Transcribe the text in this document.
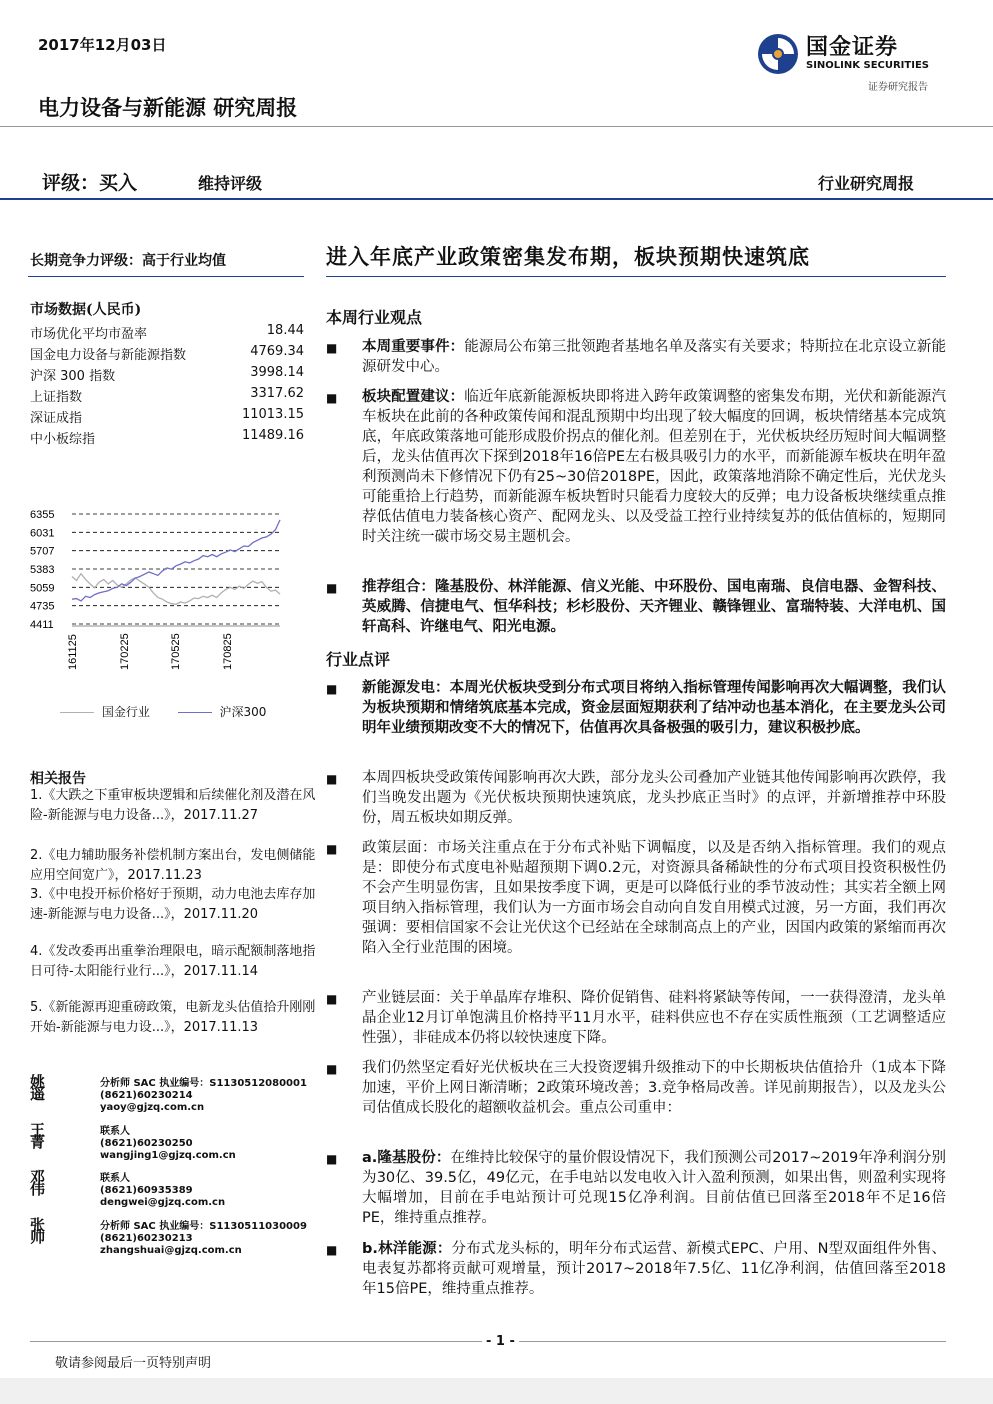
2017年12月03日	国金证券
SINOLINK SECURITIES
证券研究报告
电力设备与新能源 研究周报
评级：买入	维持评级	行业研究周报
长期竞争力评级：高于行业均值
市场数据(人民币)
市场优化平均市盈率	18.44
国金电力设备与新能源指数	4769.34
沪深 300 指数	3998.14
上证指数	3317.62
深证成指	11013.15
中小板综指	11489.16
6355
6031
5707
5383
5059
4735
4411
161125	170225	170525	170825
国金行业	沪深300
相关报告
1.《大跌之下重审板块逻辑和后续催化剂及潜在风险-新能源与电力设备...》，2017.11.27
2.《电力辅助服务补偿机制方案出台，发电侧储能应用空间宽广》，2017.11.23
3.《中电投开标价格好于预期，动力电池去库存加速-新能源与电力设备...》，2017.11.20
4.《发改委再出重拳治理限电，暗示配额制落地指日可待-太阳能行业行...》，2017.11.14
5.《新能源再迎重磅政策，电新龙头估值拾升刚刚开始-新能源与电力设...》，2017.11.13
姚遥
分析师 SAC 执业编号：S1130512080001
(8621)60230214
yaoy@gjzq.com.cn
王菁
联系人
(8621)60230250
wangjing1@gjzq.com.cn
邓伟
联系人
(8621)60935389
dengwei@gjzq.com.cn
张帅
分析师 SAC 执业编号：S1130511030009
(8621)60230213
zhangshuai@gjzq.com.cn
进入年底产业政策密集发布期，板块预期快速筑底
本周行业观点
■ 本周重要事件：能源局公布第三批领跑者基地名单及落实有关要求；特斯拉在北京设立新能源研发中心。
■ 板块配置建议：临近年底新能源板块即将进入跨年政策调整的密集发布期，光伏和新能源汽车板块在此前的各种政策传闻和混乱预期中均出现了较大幅度的回调，板块情绪基本完成筑底，年底政策落地可能形成股价拐点的催化剂。但差别在于，光伏板块经历短时间大幅调整后，龙头估值再次下探到2018年16倍PE左右极具吸引力的水平，而新能源车板块在明年盈利预测尚未下修情况下仍有25~30倍2018PE，因此，政策落地消除不确定性后，光伏龙头可能重拾上行趋势，而新能源车板块暂时只能看力度较大的反弹；电力设备板块继续重点推荐低估值电力装备核心资产、配网龙头、以及受益工控行业持续复苏的低估值标的，短期同时关注统一碳市场交易主题机会。
■ 推荐组合：隆基股份、林洋能源、信义光能、中环股份、国电南瑞、良信电器、金智科技、英威腾、信捷电气、恒华科技；杉杉股份、天齐锂业、赣锋锂业、富瑞特装、大洋电机、国轩高科、许继电气、阳光电源。
行业点评
■ 新能源发电：本周光伏板块受到分布式项目将纳入指标管理传闻影响再次大幅调整，我们认为板块预期和情绪筑底基本完成，资金层面短期获利了结冲动也基本消化，在主要龙头公司明年业绩预期改变不大的情况下，估值再次具备极强的吸引力，建议积极抄底。
■ 本周四板块受政策传闻影响再次大跌，部分龙头公司叠加产业链其他传闻影响再次跌停，我们当晚发出题为《光伏板块预期快速筑底，龙头抄底正当时》的点评，并新增推荐中环股份，周五板块如期反弹。
■ 政策层面：市场关注重点在于分布式补贴下调幅度，以及是否纳入指标管理。我们的观点是：即使分布式度电补贴超预期下调0.2元，对资源具备稀缺性的分布式项目投资积极性仍不会产生明显伤害，且如果按季度下调，更是可以降低行业的季节波动性；其实若全额上网项目纳入指标管理，我们认为一方面市场会自动向自发自用模式过渡，另一方面，我们再次强调：要相信国家不会让光伏这个已经站在全球制高点上的产业，因国内政策的紧缩而再次陷入全行业范围的困境。
■ 产业链层面：关于单晶库存堆积、降价促销售、硅料将紧缺等传闻，一一获得澄清，龙头单晶企业12月订单饱满且价格持平11月水平，硅料供应也不存在实质性瓶颈（工艺调整适应性强），非硅成本仍将以较快速度下降。
■ 我们仍然坚定看好光伏板块在三大投资逻辑升级推动下的中长期板块估值拾升（1成本下降加速，平价上网日渐清晰；2政策环境改善；3.竞争格局改善。详见前期报告），以及龙头公司估值成长股化的超额收益机会。重点公司重申：
■ a.隆基股份：在维持比较保守的量价假设情况下，我们预测公司2017~2019年净利润分别为30亿、39.5亿，49亿元，在手电站以发电收入计入盈利预测，如果出售，则盈利实现将大幅增加，目前在手电站预计可兑现15亿净利润。目前估值已回落至2018年不足16倍PE，维持重点推荐。
■ b.林洋能源：分布式龙头标的，明年分布式运营、新模式EPC、户用、N型双面组件外售、电表复苏都将贡献可观增量，预计2017~2018年7.5亿、11亿净利润，估值回落至2018年15倍PE，维持重点推荐。
- 1 -
敬请参阅最后一页特别声明
